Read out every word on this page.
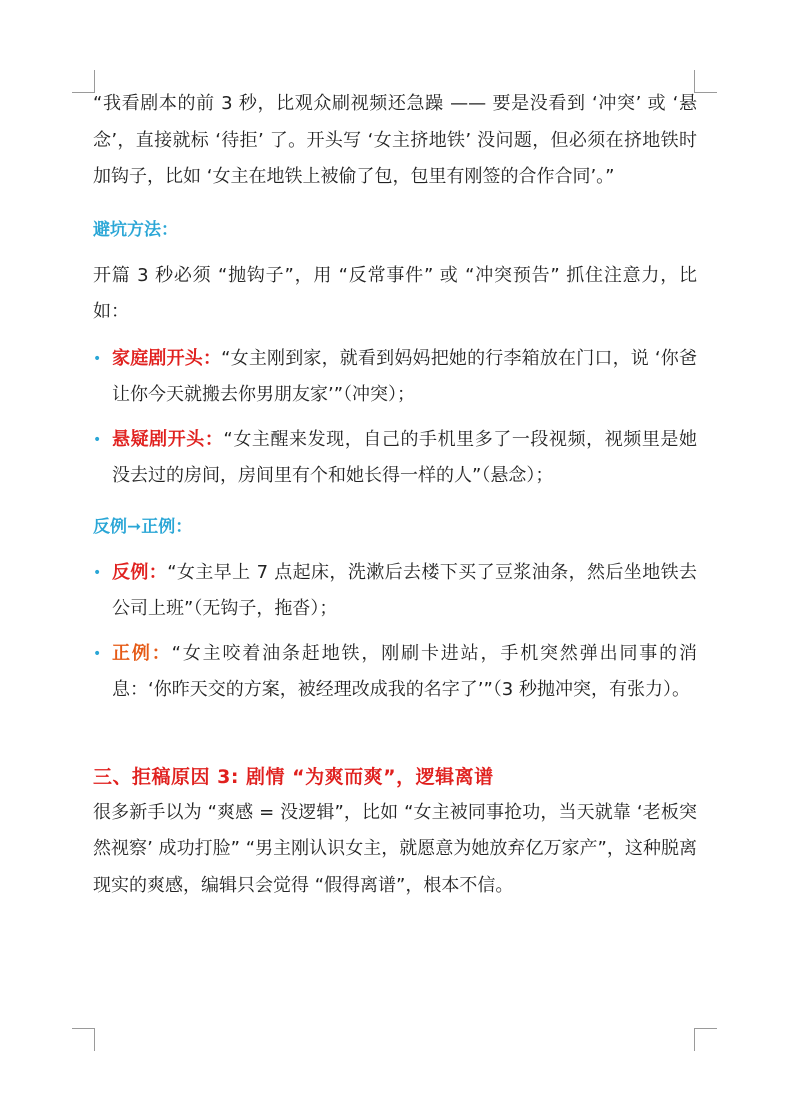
“我看剧本的前 3 秒，比观众刷视频还急躁 —— 要是没看到 ‘冲突’ 或 ‘悬念’，直接就标 ‘待拒’ 了。开头写 ‘女主挤地铁’ 没问题，但必须在挤地铁时加钩子，比如 ‘女主在地铁上被偷了包，包里有刚签的合作合同’。”

避坑方法：

开篇 3 秒必须 “抛钩子”，用 “反常事件” 或 “冲突预告” 抓住注意力，比如：

• 家庭剧开头：“女主刚到家，就看到妈妈把她的行李箱放在门口，说 ‘你爸让你今天就搬去你男朋友家’”（冲突）；
• 悬疑剧开头：“女主醒来发现，自己的手机里多了一段视频，视频里是她没去过的房间，房间里有个和她长得一样的人”（悬念）；

反例➞正例：

• 反例：“女主早上 7 点起床，洗漱后去楼下买了豆浆油条，然后坐地铁去公司上班”（无钩子，拖沓）；
• 正例：“女主咬着油条赶地铁，刚刷卡进站，手机突然弹出同事的消息：‘你昨天交的方案，被经理改成我的名字了’”（3 秒抛冲突，有张力）。

三、拒稿原因 3: 剧情 “为爽而爽”，逻辑离谱

很多新手以为 “爽感 = 没逻辑”，比如 “女主被同事抢功，当天就靠 ‘老板突然视察’ 成功打脸” “男主刚认识女主，就愿意为她放弃亿万家产”，这种脱离现实的爽感，编辑只会觉得 “假得离谱”，根本不信。
